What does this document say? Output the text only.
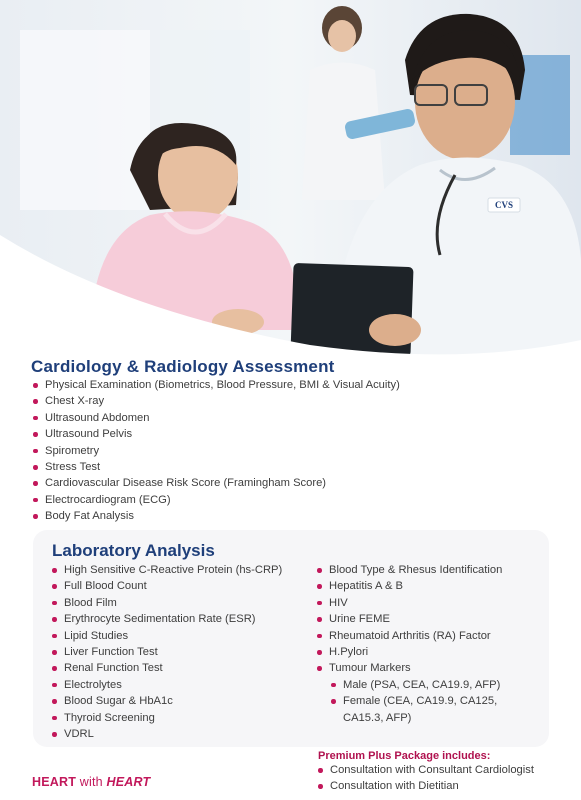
CVS
Cardiology & Radiology Assessment
Physical Examination (Biometrics, Blood Pressure, BMI & Visual Acuity)
Chest X-ray
Ultrasound Abdomen
Ultrasound Pelvis
Spirometry
Stress Test
Cardiovascular Disease Risk Score (Framingham Score)
Electrocardiogram (ECG)
Body Fat Analysis
Laboratory Analysis
High Sensitive C-Reactive Protein (hs-CRP)
Full Blood Count
Blood Film
Erythrocyte Sedimentation Rate (ESR)
Lipid Studies
Liver Function Test
Renal Function Test
Electrolytes
Blood Sugar & HbA1c
Thyroid Screening
VDRL
Blood Type & Rhesus Identification
Hepatitis A & B
HIV
Urine FEME
Rheumatoid Arthritis (RA) Factor
H.Pylori
Tumour Markers
Male (PSA, CEA, CA19.9, AFP)
Female (CEA, CA19.9, CA125,
CA15.3, AFP)
Premium Plus Package includes:
Consultation with Consultant Cardiologist
Consultation with Dietitian
HEART with HEART
